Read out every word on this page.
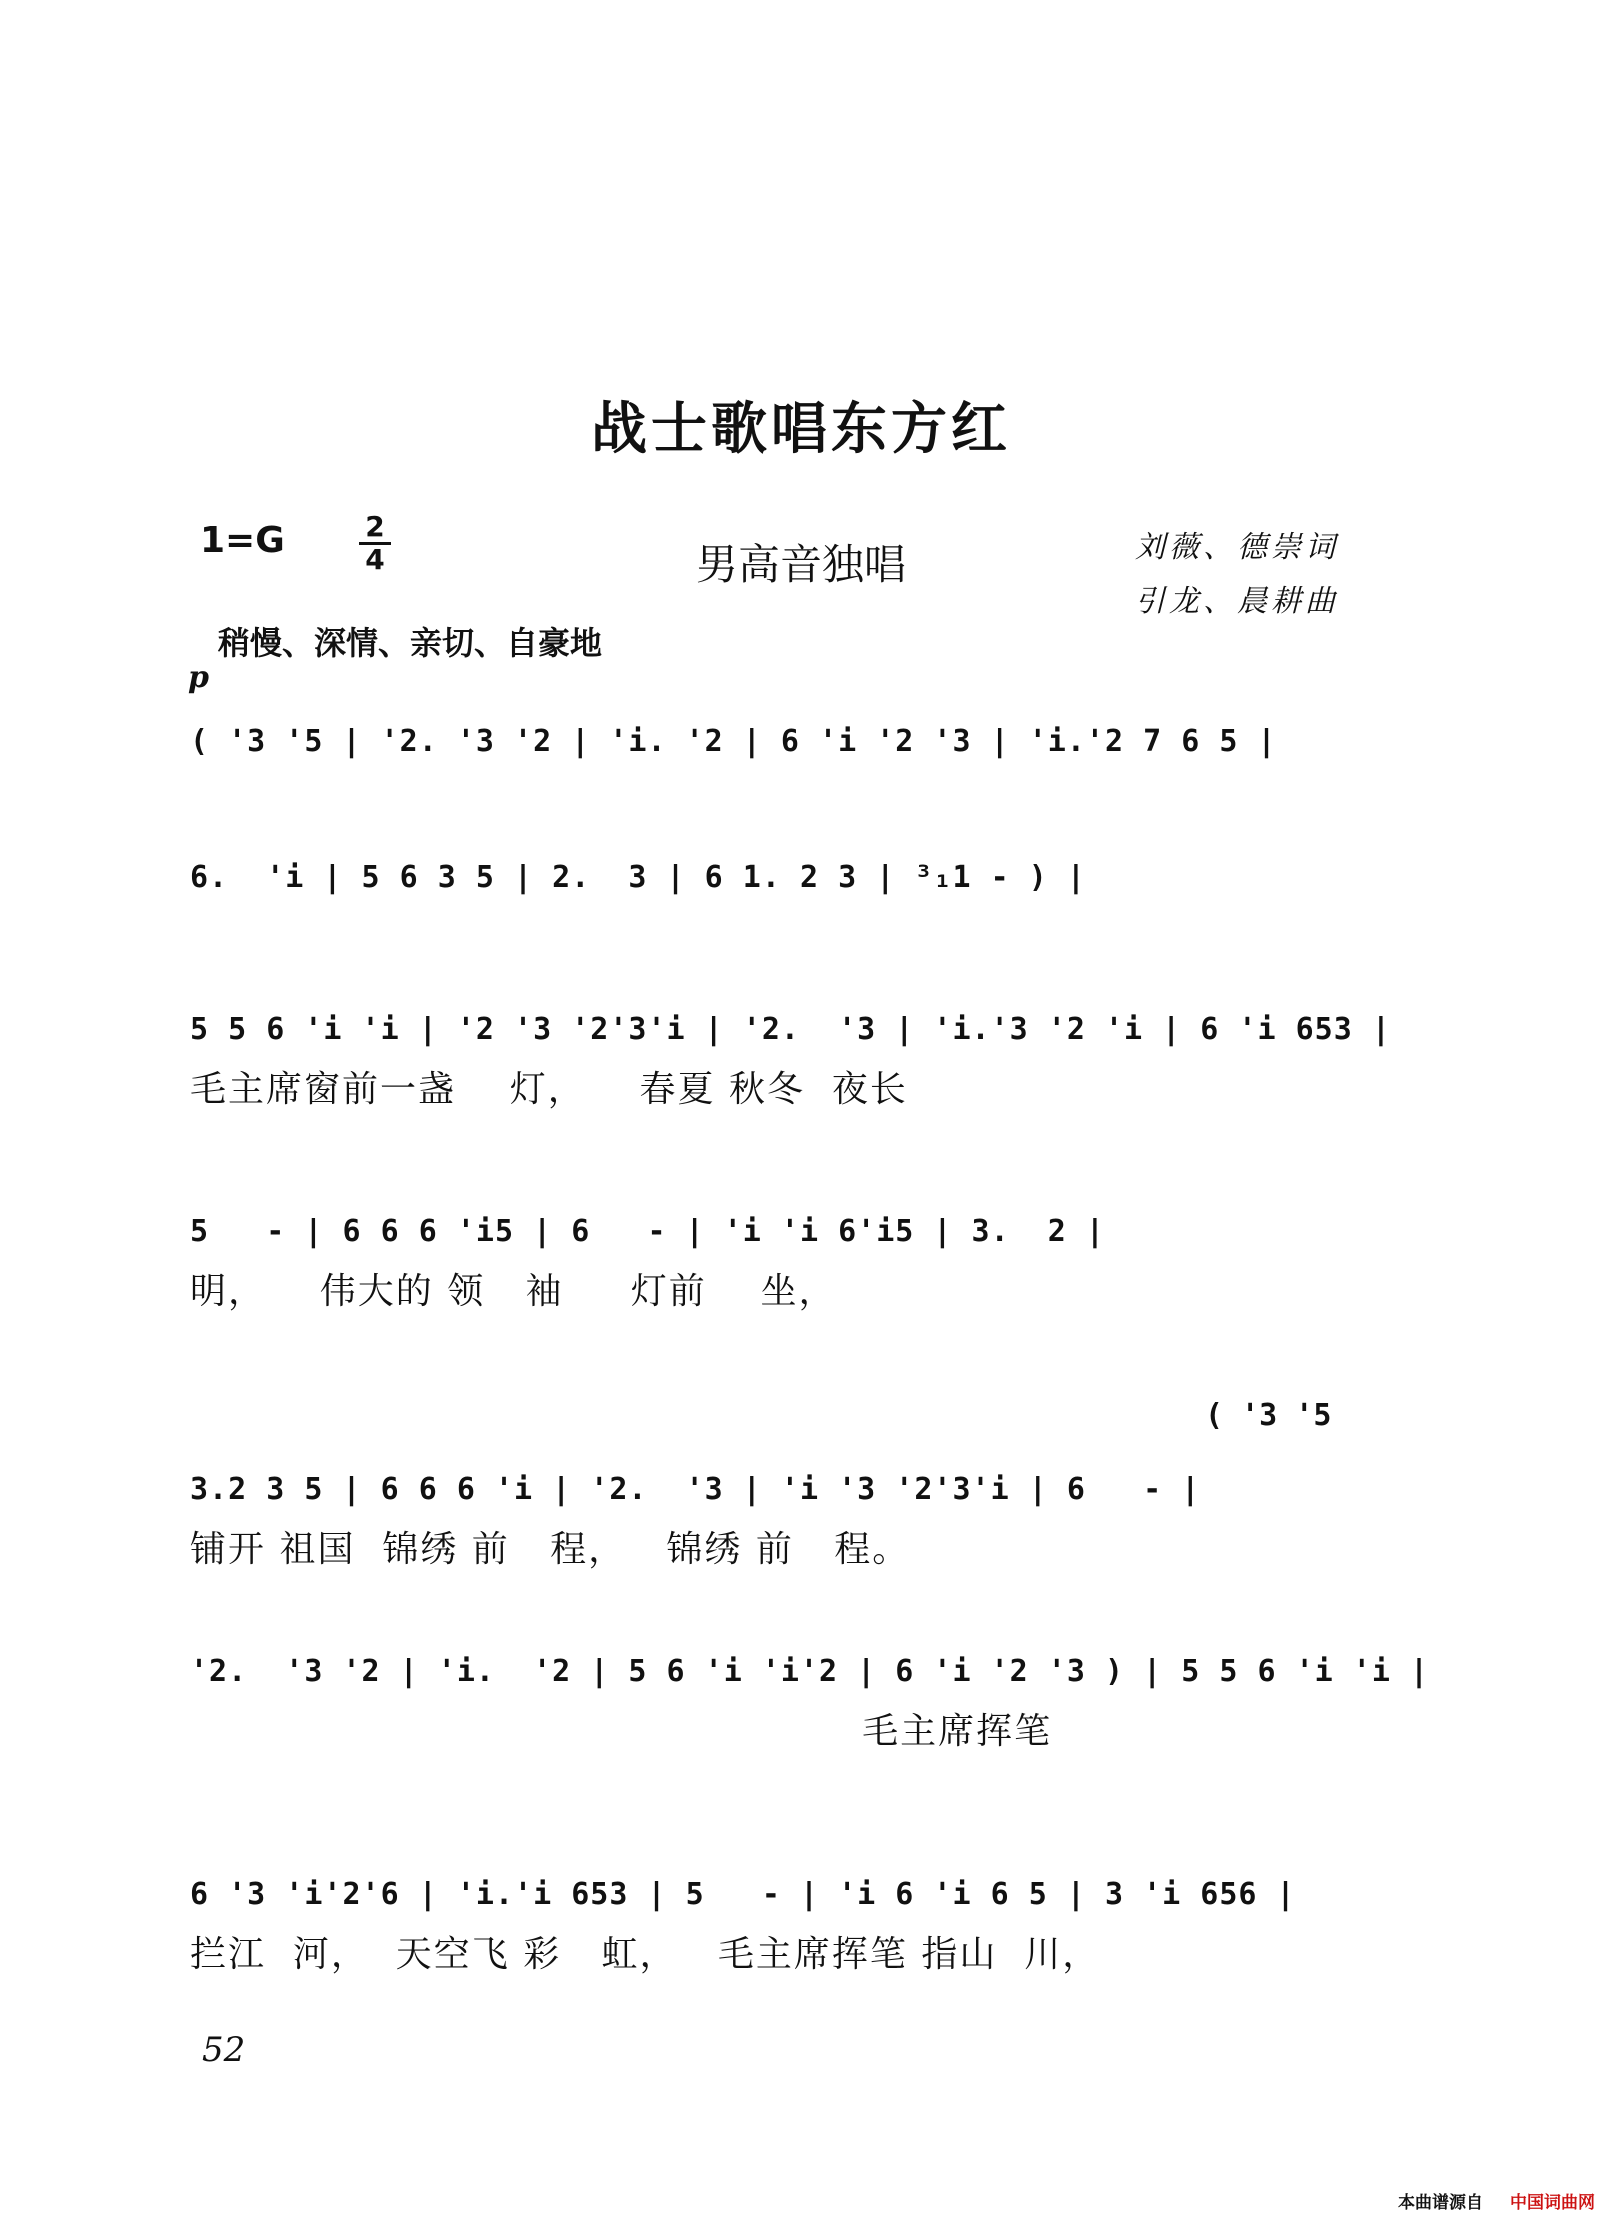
战士歌唱东方红
1=G	2
4	男高音独唱	刘薇、德崇词
引龙、晨耕曲
稍慢、深情、亲切、自豪地
p
( '3 '5 | '2. '3 '2 | 'i. '2 | 6 'i '2 '3 | 'i.'2 7 6 5 |
6.  'i | 5 6 3 5 | 2.  3 | 6 1. 2 3 | ³₁1 - ) |
5 5 6 'i 'i | '2 '3 '2'3'i | '2.  '3 | 'i.'3 '2 'i | 6 'i 653 |
毛主席窗前一盏    灯，    春夏 秋冬  夜长
5   - | 6 6 6 'i5 | 6   - | 'i 'i 6'i5 | 3.  2 |
明，    伟大的 领   袖     灯前    坐，
( '3 '5
3.2 3 5 | 6 6 6 'i | '2.  '3 | 'i '3 '2'3'i | 6   - |
铺开 祖国  锦绣 前   程，   锦绣 前   程。
'2.  '3 '2 | 'i.  '2 | 5 6 'i 'i'2 | 6 'i '2 '3 ) | 5 5 6 'i 'i |
毛主席挥笔
6 '3 'i'2'6 | 'i.'i 653 | 5   - | 'i 6 'i 6 5 | 3 'i 656 |
拦江  河，  天空飞 彩   虹，   毛主席挥笔 指山  川，
52
本曲谱源自 中国词曲网
